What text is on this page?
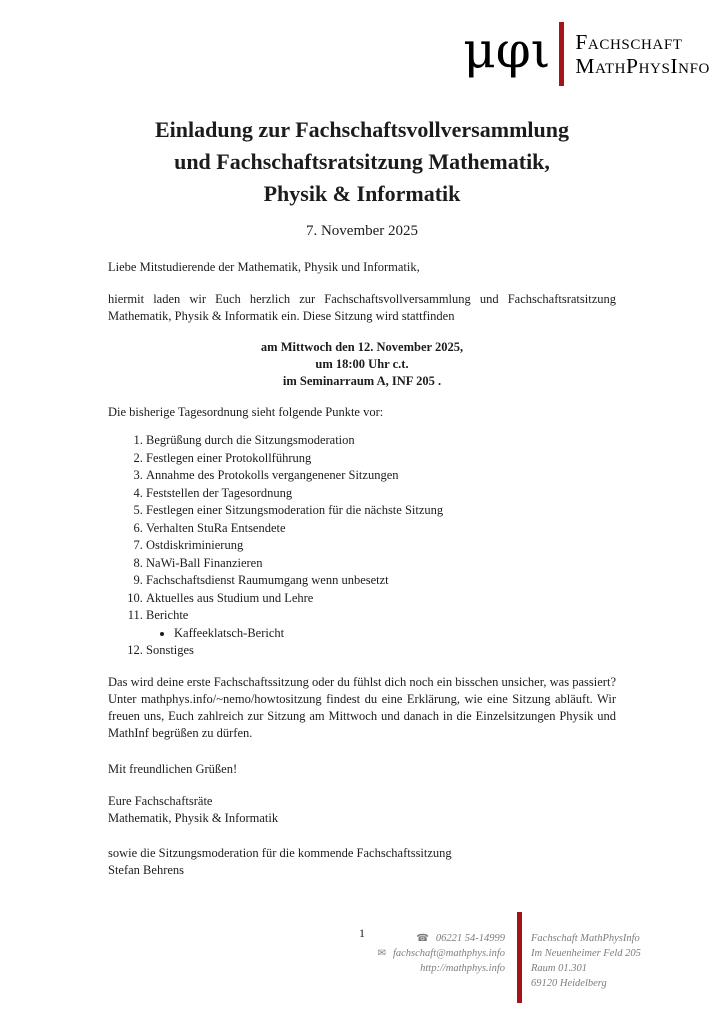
μφι Fachschaft
MathPhysInfo
Einladung zur Fachschaftsvollversammlung
und Fachschaftsratsitzung Mathematik,
Physik & Informatik
7. November 2025
Liebe Mitstudierende der Mathematik, Physik und Informatik,
hiermit laden wir Euch herzlich zur Fachschaftsvollversammlung und Fachschaftsratsitzung Mathematik, Physik & Informatik ein. Diese Sitzung wird stattfinden
am Mittwoch den 12. November 2025,
um 18:00 Uhr c.t.
im Seminarraum A, INF 205 .
Die bisherige Tagesordnung sieht folgende Punkte vor:
1. Begrüßung durch die Sitzungsmoderation
2. Festlegen einer Protokollführung
3. Annahme des Protokolls vergangenener Sitzungen
4. Feststellen der Tagesordnung
5. Festlegen einer Sitzungsmoderation für die nächste Sitzung
6. Verhalten StuRa Entsendete
7. Ostdiskriminierung
8. NaWi-Ball Finanzieren
9. Fachschaftsdienst Raumumgang wenn unbesetzt
10. Aktuelles aus Studium und Lehre
11. Berichte
• Kaffeeklatsch-Bericht
12. Sonstiges
Das wird deine erste Fachschaftssitzung oder du fühlst dich noch ein bisschen unsicher, was passiert? Unter mathphys.info/~nemo/howtositzung findest du eine Erklärung, wie eine Sitzung abläuft. Wir freuen uns, Euch zahlreich zur Sitzung am Mittwoch und danach in die Einzelsitzungen Physik und MathInf begrüßen zu dürfen.
Mit freundlichen Grüßen!
Eure Fachschaftsräte
Mathematik, Physik & Informatik
sowie die Sitzungsmoderation für die kommende Fachschaftssitzung
Stefan Behrens
1	☎ 06221 54-14999
✉ fachschaft@mathphys.info
http://mathphys.info
Fachschaft MathPhysInfo
Im Neuenheimer Feld 205
Raum 01.301
69120 Heidelberg
